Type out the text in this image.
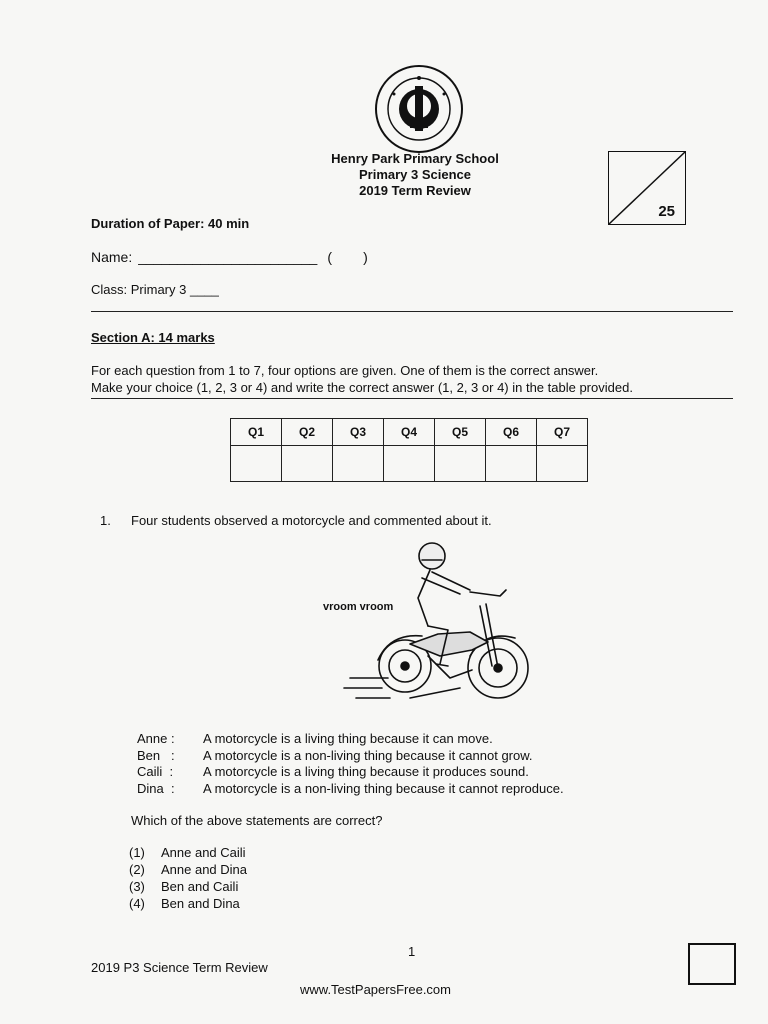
Henry Park Primary School
Primary 3 Science
2019 Term Review
25
Duration of Paper: 40 min
Name: _______________________ (        )
Class: Primary 3 ____
Section A: 14 marks
For each question from 1 to 7, four options are given. One of them is the correct answer.
Make your choice (1, 2, 3 or 4) and write the correct answer (1, 2, 3 or 4) in the table provided.
Q1	Q2	Q3	Q4	Q5	Q6	Q7

1. Four students observed a motorcycle and commented about it.
vroom vroom
Anne :	A motorcycle is a living thing because it can move.
Ben   :	A motorcycle is a non-living thing because it cannot grow.
Caili  :	A motorcycle is a living thing because it produces sound.
Dina  :	A motorcycle is a non-living thing because it cannot reproduce.
Which of the above statements are correct?
(1)	Anne and Caili
(2)	Anne and Dina
(3)	Ben and Caili
(4)	Ben and Dina
1
2019 P3 Science Term Review
www.TestPapersFree.com
